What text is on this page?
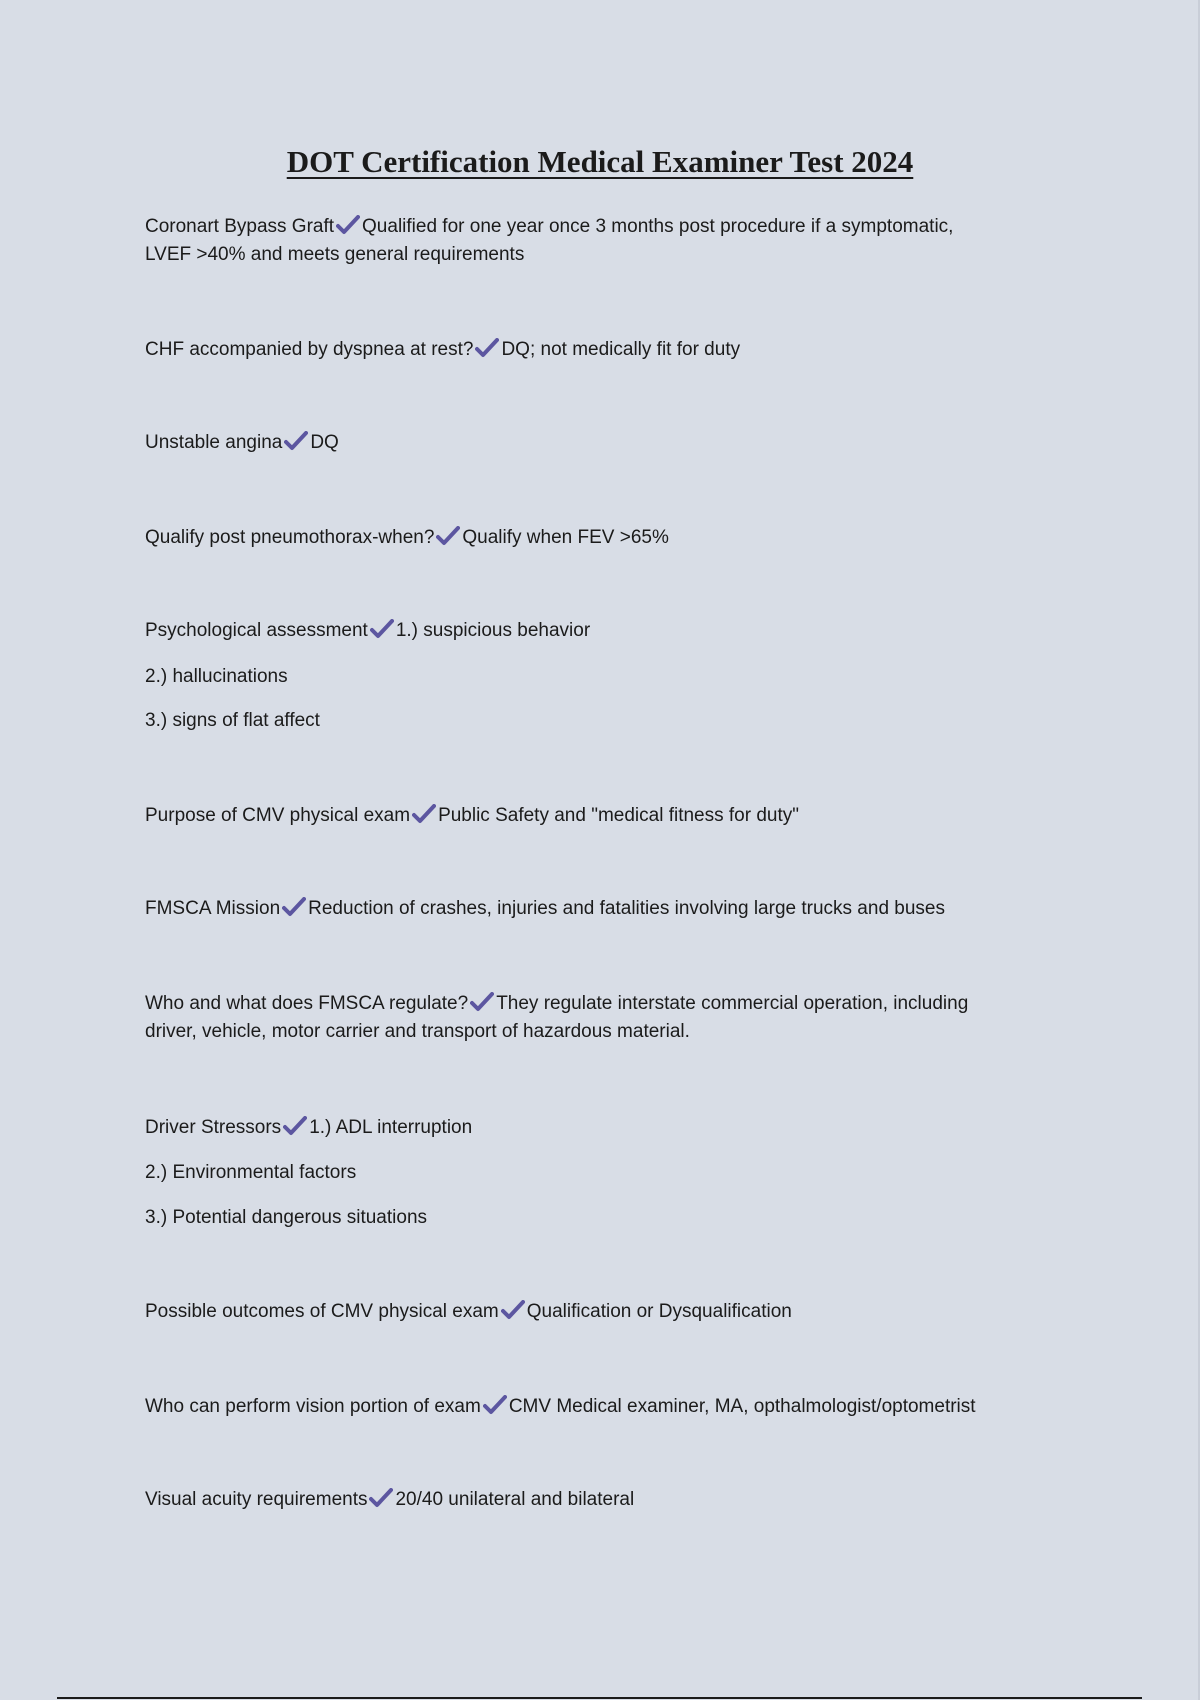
DOT Certification Medical Examiner Test 2024

Coronart Bypass Graft Qualified for one year once 3 months post procedure if a symptomatic,

LVEF >40% and meets general requirements

CHF accompanied by dyspnea at rest? DQ; not medically fit for duty

Unstable angina DQ

Qualify post pneumothorax-when? Qualify when FEV >65%

Psychological assessment 1.) suspicious behavior

2.) hallucinations

3.) signs of flat affect

Purpose of CMV physical exam Public Safety and "medical fitness for duty"

FMSCA Mission Reduction of crashes, injuries and fatalities involving large trucks and buses

Who and what does FMSCA regulate? They regulate interstate commercial operation, including

driver, vehicle, motor carrier and transport of hazardous material.

Driver Stressors 1.) ADL interruption

2.) Environmental factors

3.) Potential dangerous situations

Possible outcomes of CMV physical exam Qualification or Dysqualification

Who can perform vision portion of exam CMV Medical examiner, MA, opthalmologist/optometrist

Visual acuity requirements 20/40 unilateral and bilateral
